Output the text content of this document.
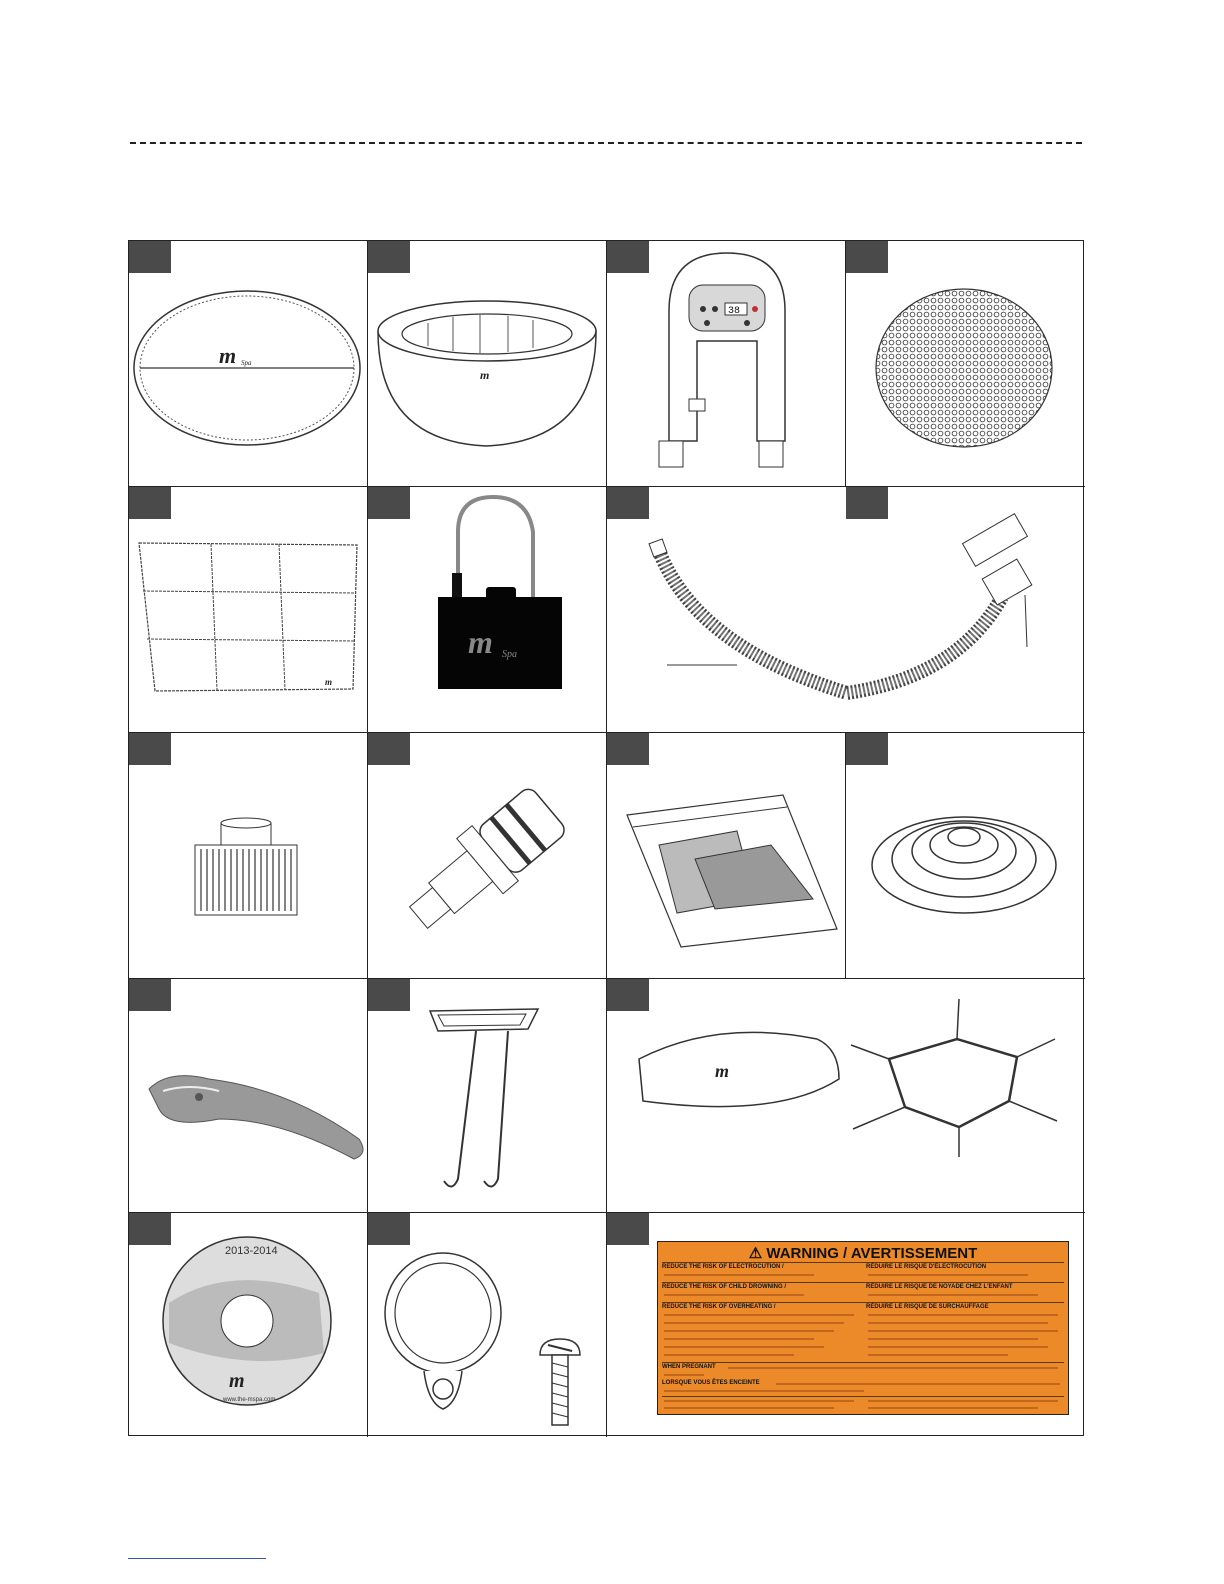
m Spa
m
38
m
m Spa
m
m
2013-2014
www.the-mspa.com
⚠ WARNING / AVERTISSEMENT
REDUCE THE RISK OF ELECTROCUTION /	RÉDUIRE LE RISQUE D'ÉLECTROCUTION
REDUCE THE RISK OF CHILD DROWNING /	RÉDUIRE LE RISQUE DE NOYADE CHEZ L'ENFANT
REDUCE THE RISK OF OVERHEATING /	RÉDUIRE LE RISQUE DE SURCHAUFFAGE
WHEN PREGNANT
LORSQUE VOUS ÊTES ENCEINTE
